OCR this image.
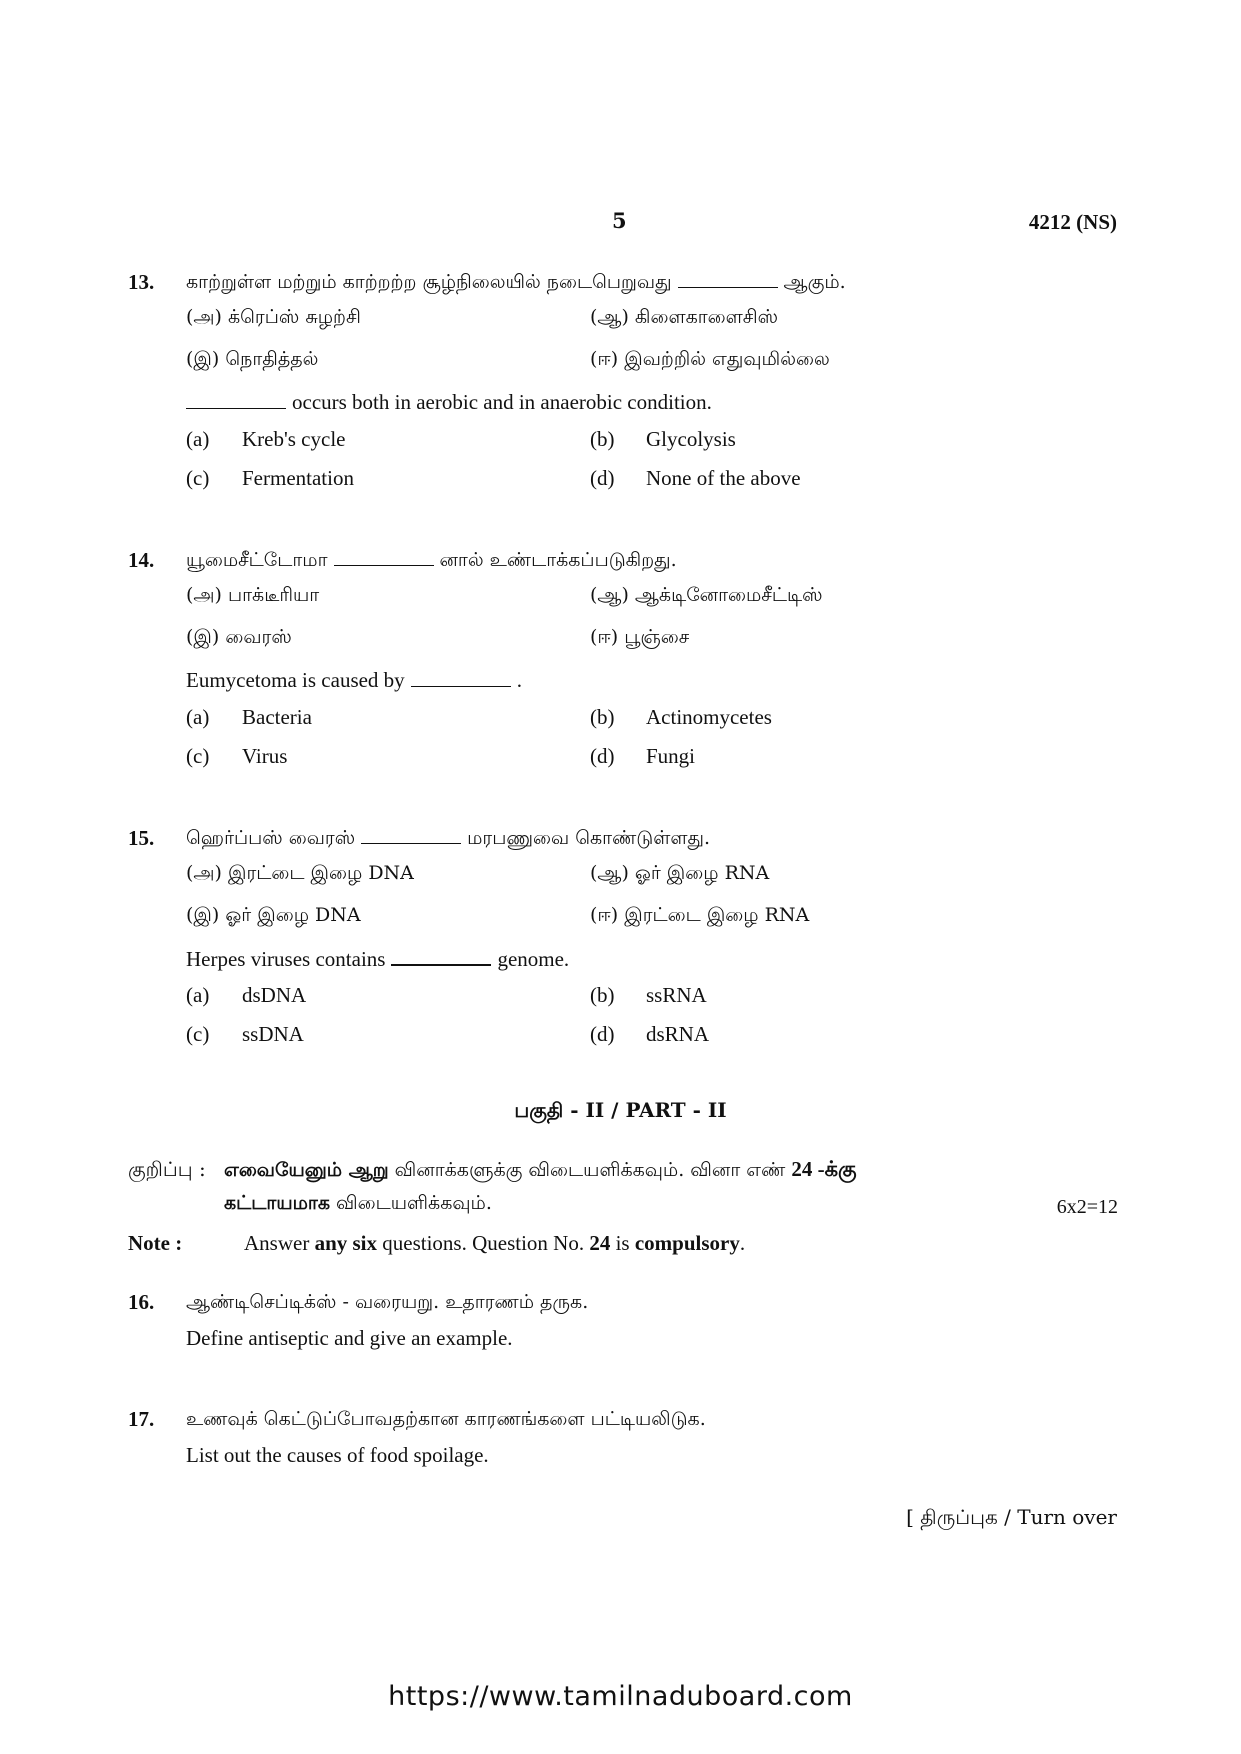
5	4212 (NS)
13. காற்றுள்ள மற்றும் காற்றற்ற சூழ்நிலையில் நடைபெறுவது	ஆகும்.
(அ) க்ரெப்ஸ் சுழற்சி	(ஆ) கிளைகாளைசிஸ்
(இ) நொதித்தல்	(ஈ) இவற்றில் எதுவுமில்லை
occurs both in aerobic and in anaerobic condition.
(a) Kreb's cycle	(b) Glycolysis
(c) Fermentation	(d) None of the above
14. யூமைசீட்டோமா	னால் உண்டாக்கப்படுகிறது.
(அ) பாக்டீரியா	(ஆ) ஆக்டினோமைசீட்டிஸ்
(இ) வைரஸ்	(ஈ) பூஞ்சை
Eumycetoma is caused by	.
(a) Bacteria	(b) Actinomycetes
(c) Virus	(d) Fungi
15. ஹெர்ப்பஸ் வைரஸ்	மரபணுவை கொண்டுள்ளது.
(அ) இரட்டை இழை DNA	(ஆ) ஓர் இழை RNA
(இ) ஓர் இழை DNA	(ஈ) இரட்டை இழை RNA
Herpes viruses contains	genome.
(a) dsDNA	(b) ssRNA
(c) ssDNA	(d) dsRNA
பகுதி - II / PART - II
குறிப்பு : எவையேனும் ஆறு வினாக்களுக்கு விடையளிக்கவும். வினா எண் 24 -க்கு
கட்டாயமாக விடையளிக்கவும்.	6x2=12
Note :	Answer any six questions. Question No. 24 is compulsory.
16. ஆண்டிசெப்டிக்ஸ் - வரையறு. உதாரணம் தருக.
Define antiseptic and give an example.
17. உணவுக் கெட்டுப்போவதற்கான காரணங்களை பட்டியலிடுக.
List out the causes of food spoilage.
[ திருப்புக / Turn over
https://www.tamilnaduboard.com
